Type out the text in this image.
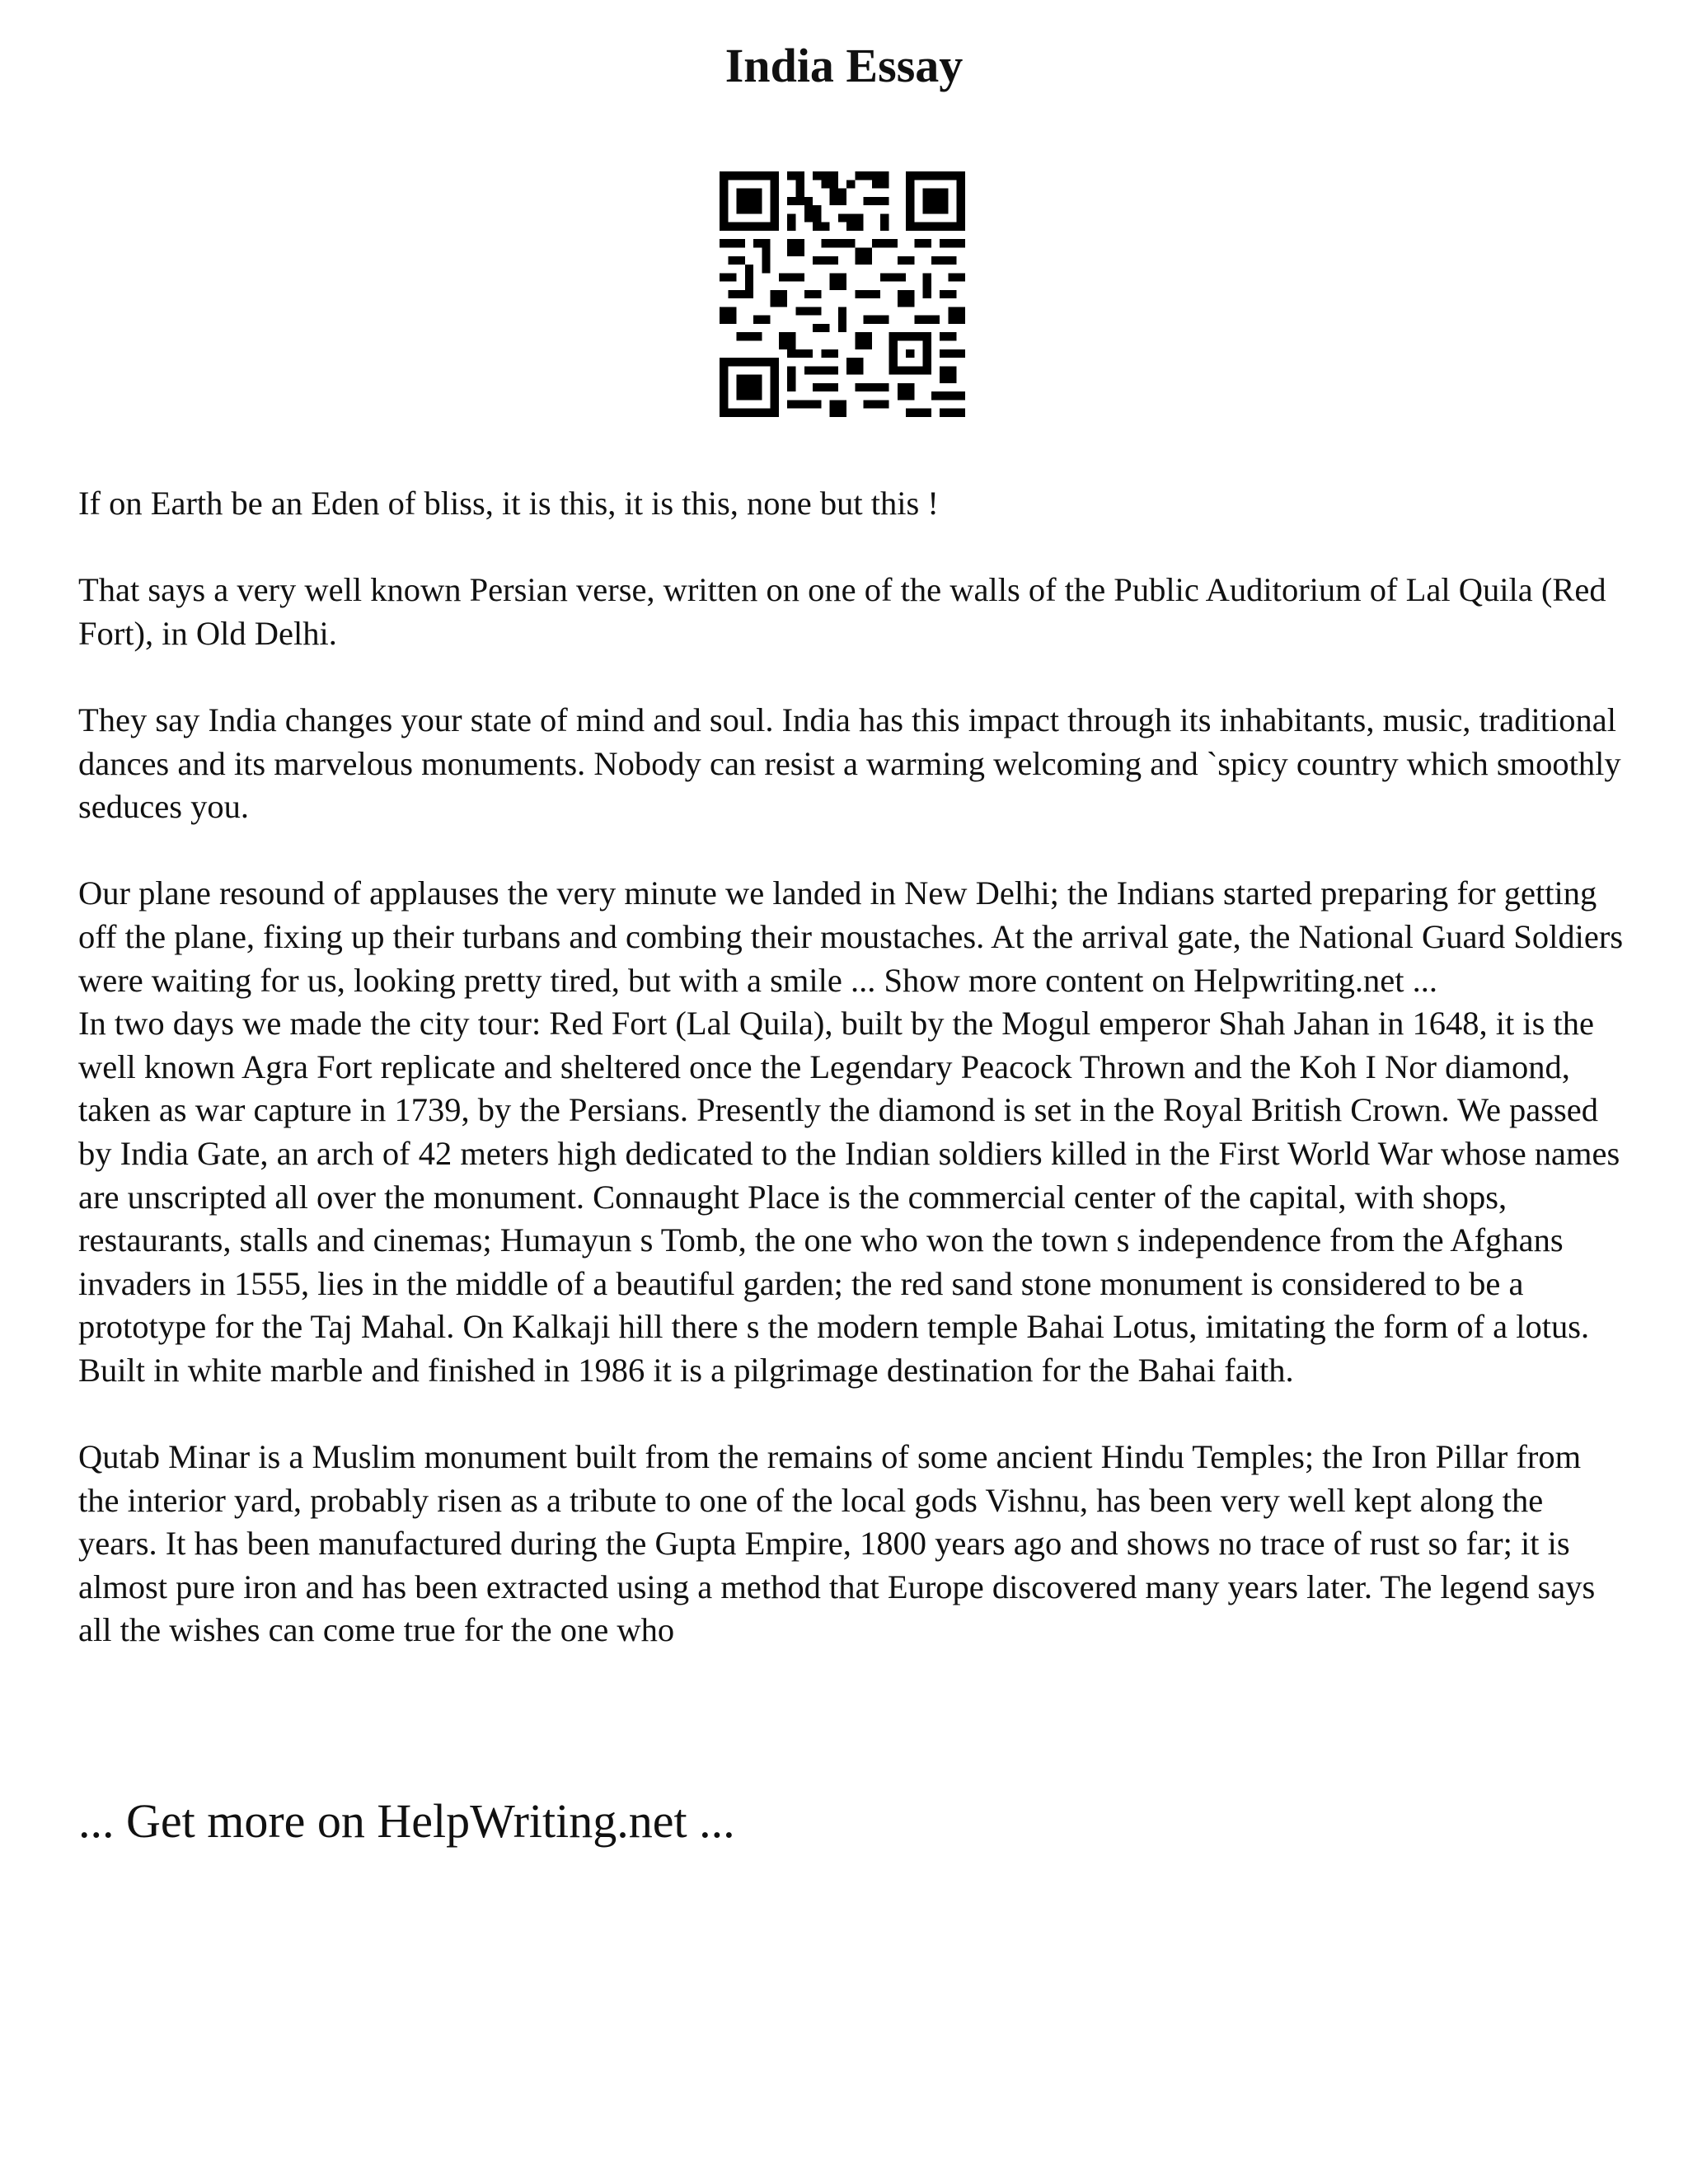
India Essay

If on Earth be an Eden of bliss, it is this, it is this, none but this !

That says a very well known Persian verse, written on one of the walls of the Public Auditorium of Lal Quila (Red Fort), in Old Delhi.

They say India changes your state of mind and soul. India has this impact through its inhabitants, music, traditional dances and its marvelous monuments. Nobody can resist a warming welcoming and `spicy country which smoothly seduces you.

Our plane resound of applauses the very minute we landed in New Delhi; the Indians started preparing for getting off the plane, fixing up their turbans and combing their moustaches. At the arrival gate, the National Guard Soldiers were waiting for us, looking pretty tired, but with a smile ... Show more content on Helpwriting.net ...

In two days we made the city tour: Red Fort (Lal Quila), built by the Mogul emperor Shah Jahan in 1648, it is the well known Agra Fort replicate and sheltered once the Legendary Peacock Thrown and the Koh I Nor diamond, taken as war capture in 1739, by the Persians. Presently the diamond is set in the Royal British Crown. We passed by India Gate, an arch of 42 meters high dedicated to the Indian soldiers killed in the First World War whose names are unscripted all over the monument. Connaught Place is the commercial center of the capital, with shops, restaurants, stalls and cinemas; Humayun s Tomb, the one who won the town s independence from the Afghans invaders in 1555, lies in the middle of a beautiful garden; the red sand stone monument is considered to be a prototype for the Taj Mahal. On Kalkaji hill there s the modern temple Bahai Lotus, imitating the form of a lotus. Built in white marble and finished in 1986 it is a pilgrimage destination for the Bahai faith.

Qutab Minar is a Muslim monument built from the remains of some ancient Hindu Temples; the Iron Pillar from the interior yard, probably risen as a tribute to one of the local gods Vishnu, has been very well kept along the years. It has been manufactured during the Gupta Empire, 1800 years ago and shows no trace of rust so far; it is almost pure iron and has been extracted using a method that Europe discovered many years later. The legend says all the wishes can come true for the one who

... Get more on HelpWriting.net ...
